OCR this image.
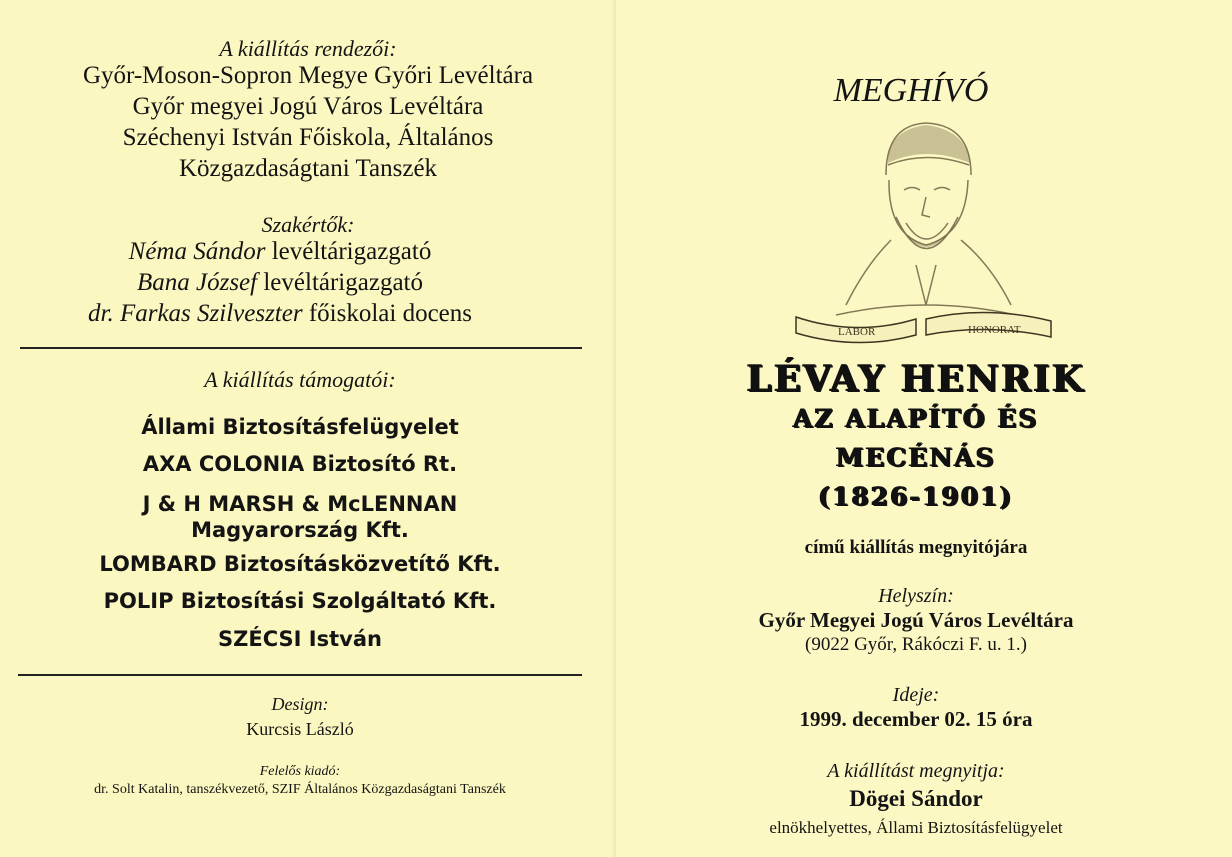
A kiállítás rendezői:
Győr-Moson-Sopron Megye Győri Levéltára
Győr megyei Jogú Város Levéltára
Széchenyi István Főiskola, Általános
Közgazdaságtani Tanszék
Szakértők:
Néma Sándor levéltárigazgató
Bana József levéltárigazgató
dr. Farkas Szilveszter főiskolai docens
A kiállítás támogatói:
Állami Biztosításfelügyelet
AXA COLONIA Biztosító Rt.
J & H MARSH & McLENNAN
Magyarország Kft.
LOMBARD Biztosításközvetítő Kft.
POLIP Biztosítási Szolgáltató Kft.
SZÉCSI István
Design:
Kurcsis László
Felelős kiadó:
dr. Solt Katalin, tanszékvezető, SZIF Általános Közgazdaságtani Tanszék
MEGHÍVÓ
LABOR	HONORAT
LÉVAY HENRIK
AZ ALAPÍTÓ ÉS
MECÉNÁS
(1826-1901)
című kiállítás megnyitójára
Helyszín:
Győr Megyei Jogú Város Levéltára
(9022 Győr, Rákóczi F. u. 1.)
Ideje:
1999. december 02. 15 óra
A kiállítást megnyitja:
Dögei Sándor
elnökhelyettes, Állami Biztosításfelügyelet
